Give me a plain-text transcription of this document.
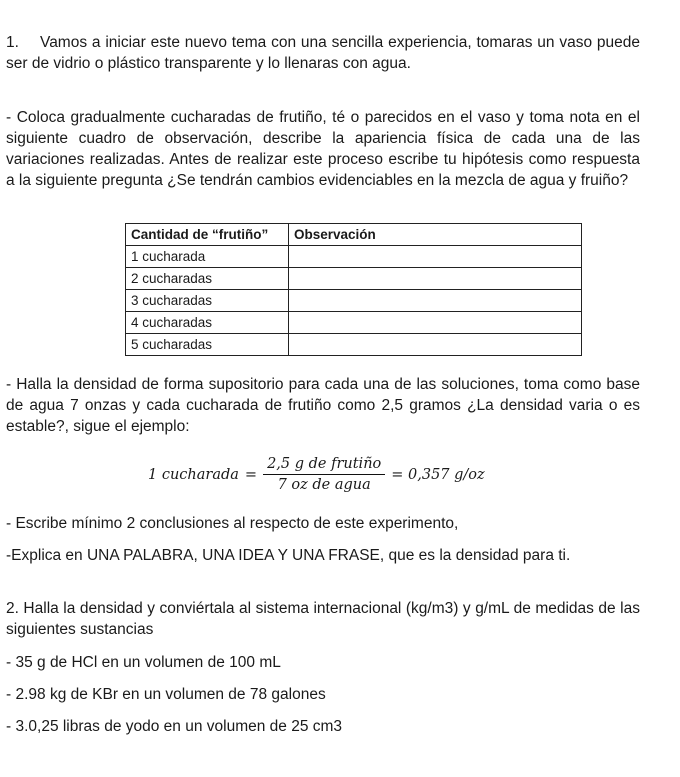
1. Vamos a iniciar este nuevo tema con una sencilla experiencia, tomaras un vaso puede ser de vidrio o plástico transparente y lo llenaras con agua.

- Coloca gradualmente cucharadas de frutiño, té o parecidos en el vaso y toma nota en el siguiente cuadro de observación, describe la apariencia física de cada una de las variaciones realizadas. Antes de realizar este proceso escribe tu hipótesis como respuesta a la siguiente pregunta ¿Se tendrán cambios evidenciables en la mezcla de agua y fruiño?

Cantidad de “frutiño”	Observación
1 cucharada	
2 cucharadas	
3 cucharadas	
4 cucharadas	
5 cucharadas	

- Halla la densidad de forma supositorio para cada una de las soluciones, toma como base de agua 7 onzas y cada cucharada de frutiño como 2,5 gramos ¿La densidad varia o es estable?, sigue el ejemplo:

1 cucharada = $\frac{\text{2,5 g de frutiño}}{\text{7 oz de agua}} = 0,357$ g/oz

- Escribe mínimo 2 conclusiones al respecto de este experimento,

-Explica en UNA PALABRA, UNA IDEA Y UNA FRASE, que es la densidad para ti.

2. Halla la densidad y conviértala al sistema internacional (kg/m3) y g/mL de medidas de las siguientes sustancias

- 35 g de HCl en un volumen de 100 mL

- 2.98 kg de KBr en un volumen de 78 galones

- 3.0,25 libras de yodo en un volumen de 25 cm3
